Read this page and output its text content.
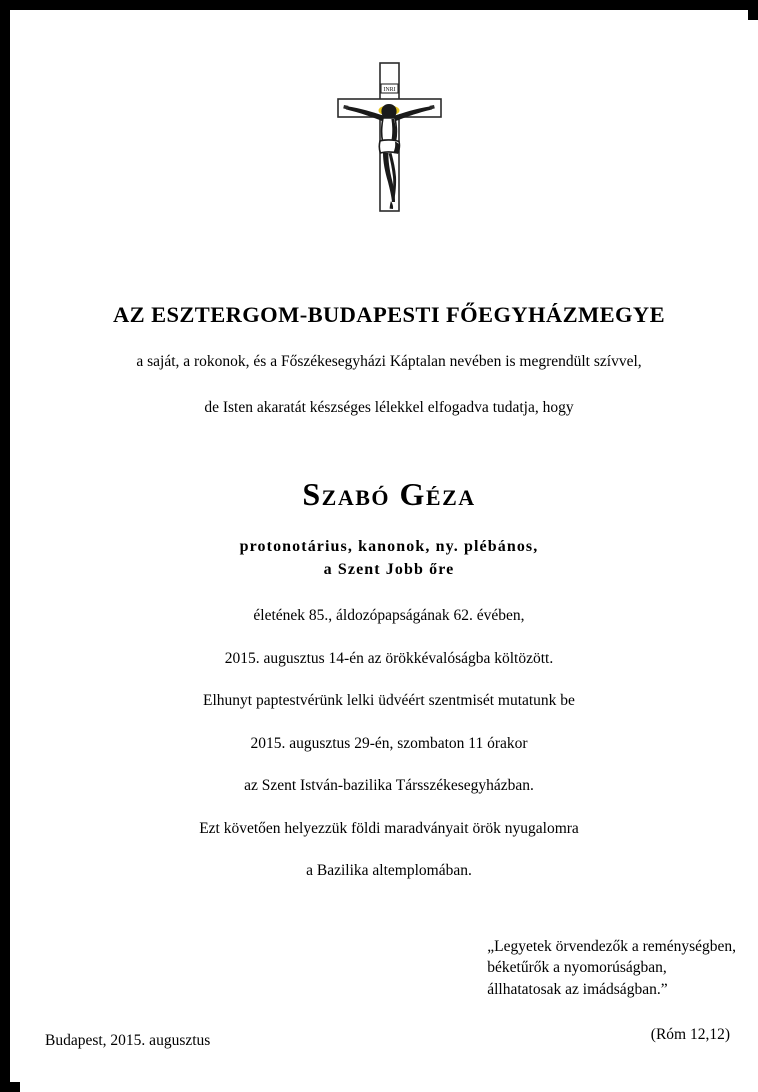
INRI
AZ ESZTERGOM-BUDAPESTI FŐEGYHÁZMEGYE
a saját, a rokonok, és a Főszékesegyházi Káptalan nevében is megrendült szívvel,
de Isten akaratát készséges lélekkel elfogadva tudatja, hogy
Szabó Géza
protonotárius, kanonok, ny. plébános,
a Szent Jobb őre
életének 85., áldozópapságának 62. évében,
2015. augusztus 14-én az örökkévalóságba költözött.
Elhunyt paptestvérünk lelki üdvéért szentmisét mutatunk be
2015. augusztus 29-én, szombaton 11 órakor
az Szent István-bazilika Társszékesegyházban.
Ezt követően helyezzük földi maradványait örök nyugalomra
a Bazilika altemplomában.
„Legyetek örvendezők a reménységben,
béketűrők a nyomorúságban,
állhatatosak az imádságban.”
(Róm 12,12)
Budapest, 2015. augusztus
